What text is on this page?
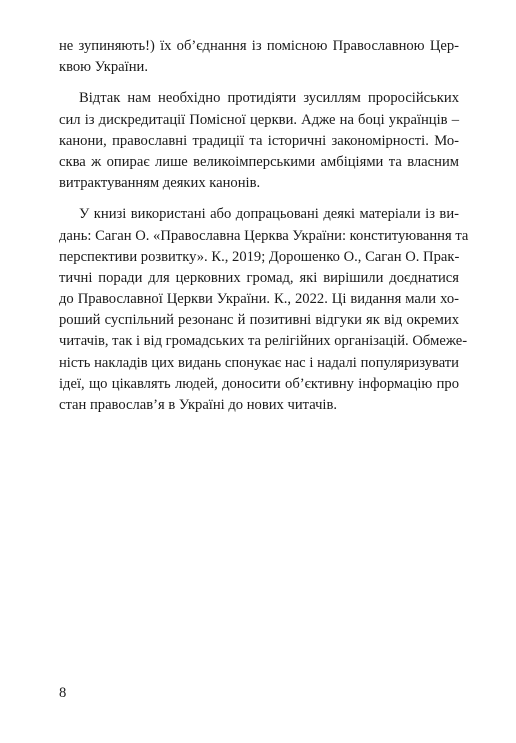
не зупиняють!) їх об’єднання із помісною Православною Цер-
квою України.
Відтак нам необхідно протидіяти зусиллям проросійських
сил із дискредитації Помісної церкви. Адже на боці українців –
канони, православні традиції та історичні закономірності. Мо-
сква ж опирає лише великоімперськими амбіціями та власним
витрактуванням деяких канонів.
У книзі використані або допрацьовані деякі матеріали із ви-
дань: Саган О. «Православна Церква України: конституювання та
перспективи розвитку». К., 2019; Дорошенко О., Саган О. Прак-
тичні поради для церковних громад, які вирішили доєднатися
до Православної Церкви України. К., 2022. Ці видання мали хо-
роший суспільний резонанс й позитивні відгуки як від окремих
читачів, так і від громадських та релігійних організацій. Обмеже-
ність накладів цих видань спонукає нас і надалі популяризувати
ідеї, що цікавлять людей, доносити об’єктивну інформацію про
стан православ’я в Україні до нових читачів.
8
